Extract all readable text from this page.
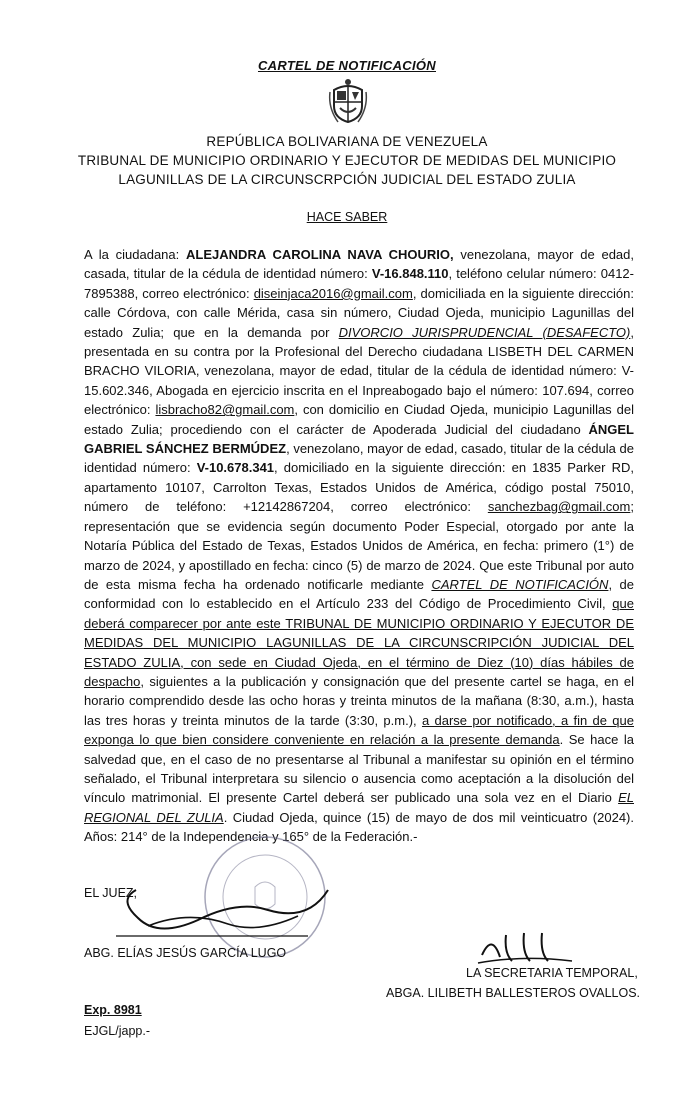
CARTEL DE NOTIFICACIÓN
REPÚBLICA BOLIVARIANA DE VENEZUELA
TRIBUNAL DE MUNICIPIO ORDINARIO Y EJECUTOR DE MEDIDAS DEL MUNICIPIO
LAGUNILLAS DE LA CIRCUNSCRPCIÓN JUDICIAL DEL ESTADO ZULIA
HACE SABER
A la ciudadana: ALEJANDRA CAROLINA NAVA CHOURIO, venezolana, mayor de edad, casada, titular de la cédula de identidad número: V-16.848.110, teléfono celular número: 0412-7895388, correo electrónico: diseinjaca2016@gmail.com, domiciliada en la siguiente dirección: calle Córdova, con calle Mérida, casa sin número, Ciudad Ojeda, municipio Lagunillas del estado Zulia; que en la demanda por DIVORCIO JURISPRUDENCIAL (DESAFECTO), presentada en su contra por la Profesional del Derecho ciudadana LISBETH DEL CARMEN BRACHO VILORIA, venezolana, mayor de edad, titular de la cédula de identidad número: V-15.602.346, Abogada en ejercicio inscrita en el Inpreabogado bajo el número: 107.694, correo electrónico: lisbracho82@gmail.com, con domicilio en Ciudad Ojeda, municipio Lagunillas del estado Zulia; procediendo con el carácter de Apoderada Judicial del ciudadano ÁNGEL GABRIEL SÁNCHEZ BERMÚDEZ, venezolano, mayor de edad, casado, titular de la cédula de identidad número: V-10.678.341, domiciliado en la siguiente dirección: en 1835 Parker RD, apartamento 10107, Carrolton Texas, Estados Unidos de América, código postal 75010, número de teléfono: +12142867204, correo electrónico: sanchezbag@gmail.com; representación que se evidencia según documento Poder Especial, otorgado por ante la Notaría Pública del Estado de Texas, Estados Unidos de América, en fecha: primero (1°) de marzo de 2024, y apostillado en fecha: cinco (5) de marzo de 2024. Que este Tribunal por auto de esta misma fecha ha ordenado notificarle mediante CARTEL DE NOTIFICACIÓN, de conformidad con lo establecido en el Artículo 233 del Código de Procedimiento Civil, que deberá comparecer por ante este TRIBUNAL DE MUNICIPIO ORDINARIO Y EJECUTOR DE MEDIDAS DEL MUNICIPIO LAGUNILLAS DE LA CIRCUNSCRIPCIÓN JUDICIAL DEL ESTADO ZULIA, con sede en Ciudad Ojeda, en el término de Diez (10) días hábiles de despacho, siguientes a la publicación y consignación que del presente cartel se haga, en el horario comprendido desde las ocho horas y treinta minutos de la mañana (8:30, a.m.), hasta las tres horas y treinta minutos de la tarde (3:30, p.m.), a darse por notificado, a fin de que exponga lo que bien considere conveniente en relación a la presente demanda. Se hace la salvedad que, en el caso de no presentarse al Tribunal a manifestar su opinión en el término señalado, el Tribunal interpretara su silencio o ausencia como aceptación a la disolución del vínculo matrimonial. El presente Cartel deberá ser publicado una sola vez en el Diario EL REGIONAL DEL ZULIA. Ciudad Ojeda, quince (15) de mayo de dos mil veinticuatro (2024). Años: 214° de la Independencia y 165° de la Federación.-
EL JUEZ;
ABG. ELÍAS JESÚS GARCÍA LUGO
LA SECRETARIA TEMPORAL,
ABGA. LILIBETH BALLESTEROS OVALLOS.
Exp. 8981
EJGL/japp.-
